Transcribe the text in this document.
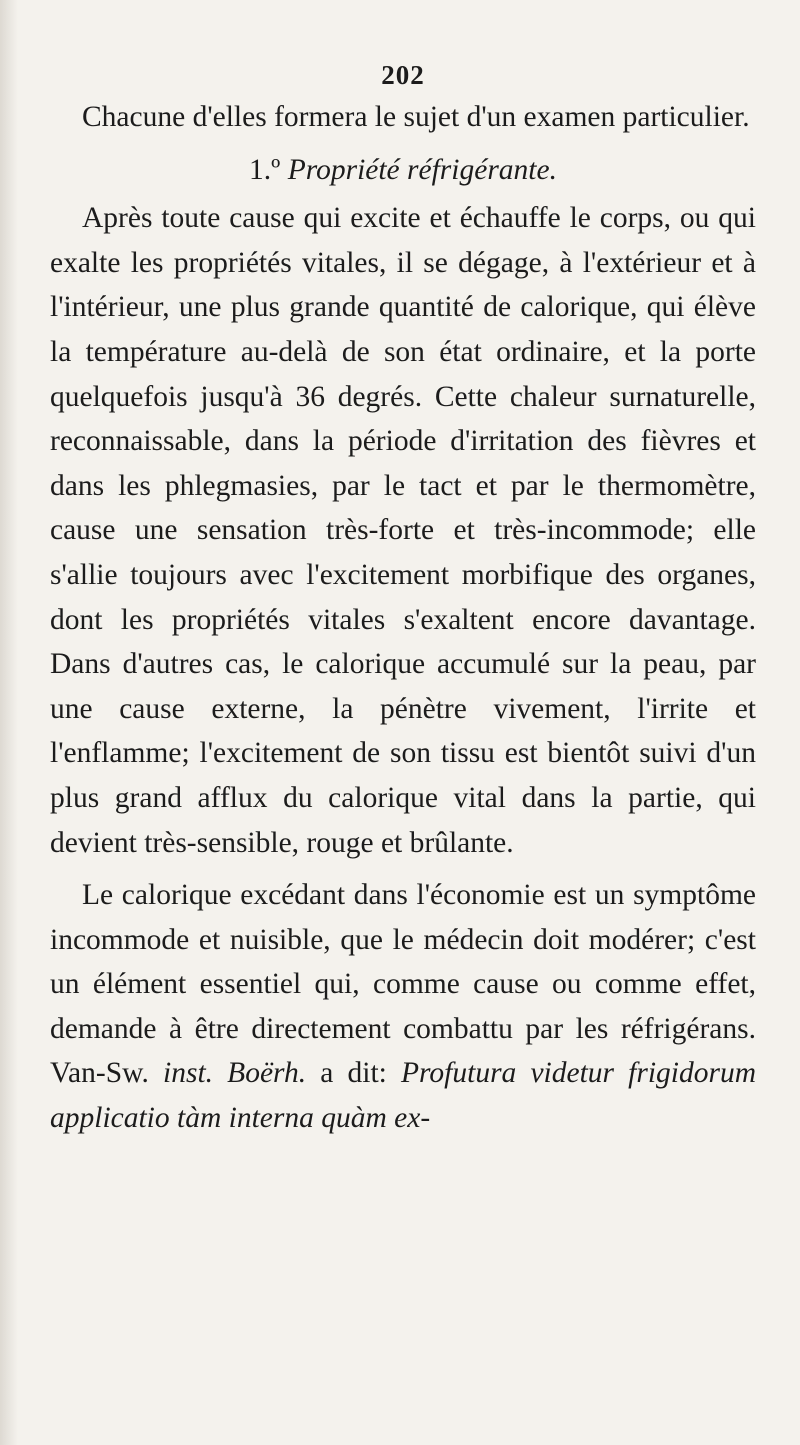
202

Chacune d'elles formera le sujet d'un examen particulier.

1.º Propriété réfrigérante.

Après toute cause qui excite et échauffe le corps, ou qui exalte les propriétés vitales, il se dégage, à l'extérieur et à l'intérieur, une plus grande quantité de calorique, qui élève la température au-delà de son état ordinaire, et la porte quelquefois jusqu'à 36 degrés. Cette chaleur surnaturelle, reconnaissable, dans la période d'irritation des fièvres et dans les phlegmasies, par le tact et par le thermomètre, cause une sensation très-forte et très-incommode; elle s'allie toujours avec l'excitement morbifique des organes, dont les propriétés vitales s'exaltent encore davantage. Dans d'autres cas, le calorique accumulé sur la peau, par une cause externe, la pénètre vivement, l'irrite et l'enflamme; l'excitement de son tissu est bientôt suivi d'un plus grand afflux du calorique vital dans la partie, qui devient très-sensible, rouge et brûlante.

Le calorique excédant dans l'économie est un symptôme incommode et nuisible, que le médecin doit modérer; c'est un élément essentiel qui, comme cause ou comme effet, demande à être directement combattu par les réfrigérans. Van-Sw. inst. Boërh. a dit: Profutura videtur frigidorum applicatio tàm interna quàm ex-
